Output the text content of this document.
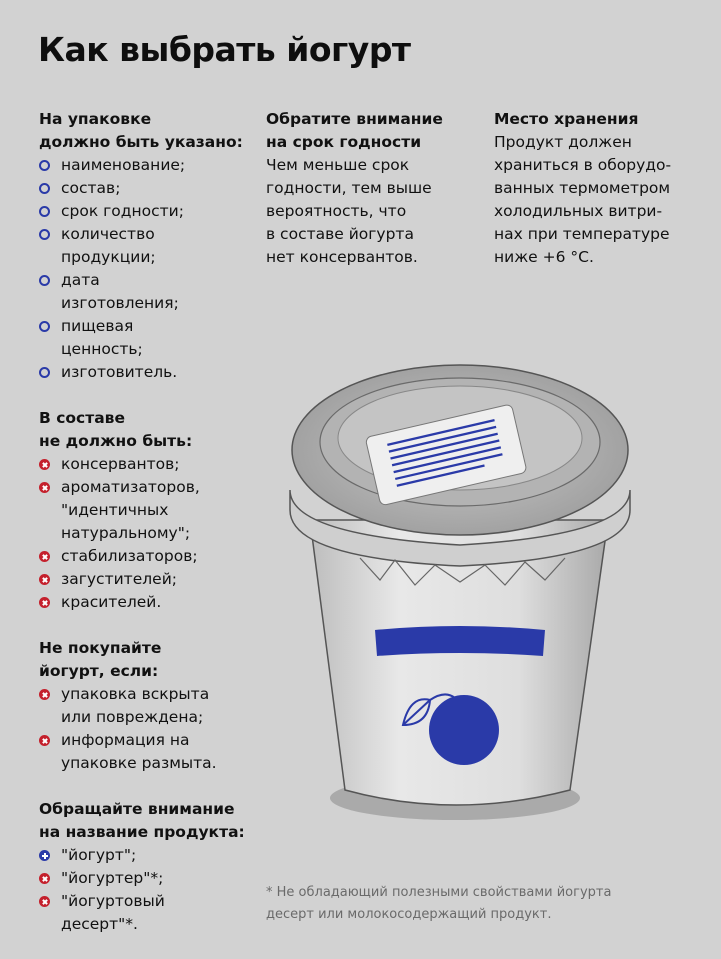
Как выбрать йогурт
На упаковке
должно быть указано:
наименование;
состав;
срок годности;
количество продукции;
дата изготовления;
пищевая ценность;
изготовитель.
В составе
не должно быть:
консервантов;
ароматизаторов, "идентичных натуральному";
стабилизаторов;
загустителей;
красителей.
Не покупайте
йогурт, если:
упаковка вскрыта или повреждена;
информация на упаковке размыта.
Обращайте внимание
на название продукта:
"йогурт";
"йогуртер"*;
"йогуртовый десерт"*.
Обратите внимание
на срок годности
Чем меньше срок
годности, тем выше
вероятность, что
в составе йогурта
нет консервантов.
Место хранения
Продукт должен
храниться в оборудо-
ванных термометром
холодильных витри-
нах при температуре
ниже +6 °С.
* Не обладающий полезными свойствами йогурта
десерт или молокосодержащий продукт.
